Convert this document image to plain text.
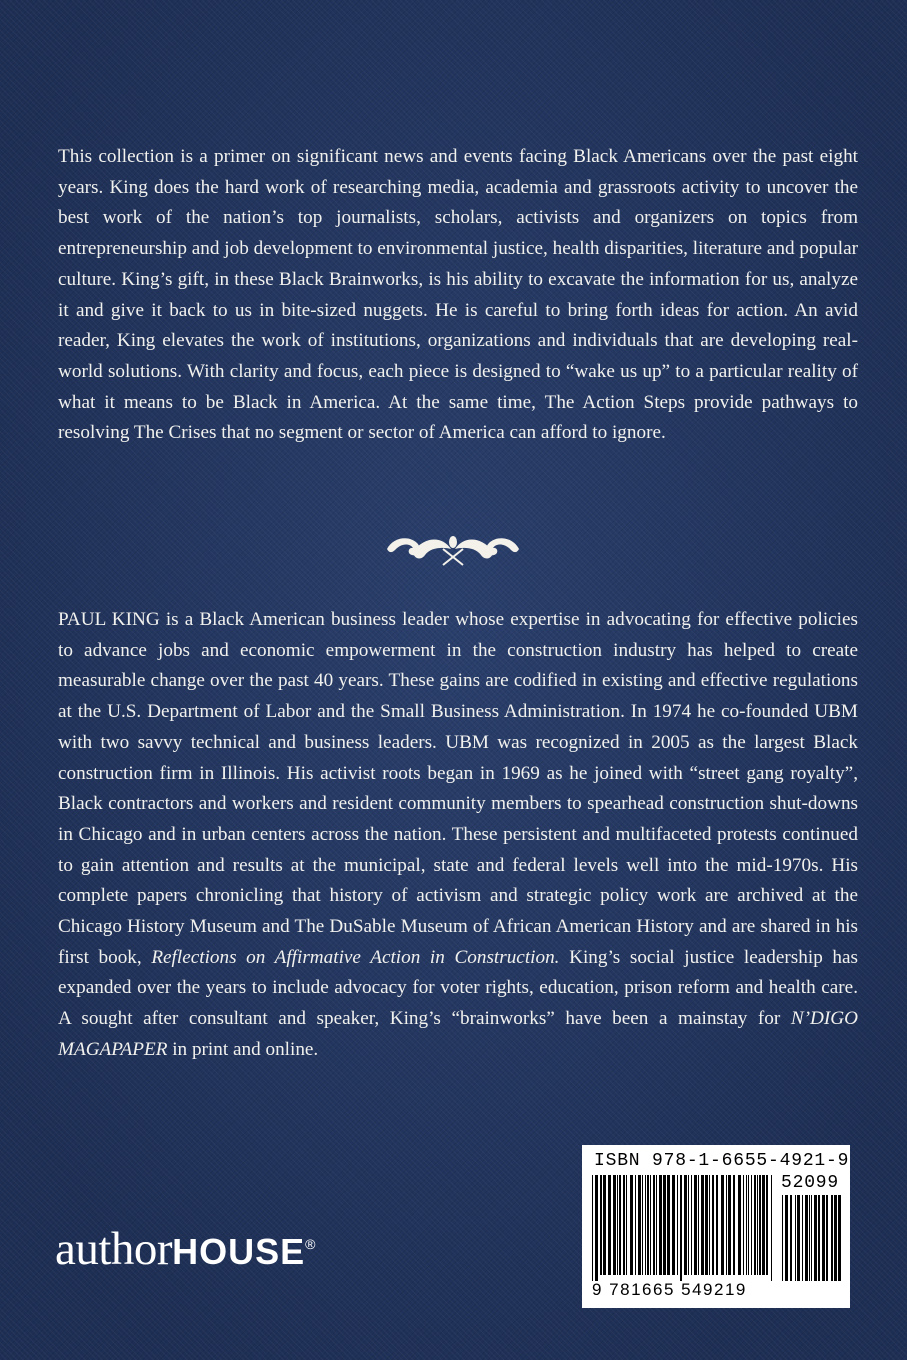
This collection is a primer on significant news and events facing Black Americans over the past eight years. King does the hard work of researching media, academia and grassroots activity to uncover the best work of the nation’s top journalists, scholars, activists and organizers on topics from entrepreneurship and job development to environmental justice, health disparities, literature and popular culture. King’s gift, in these Black Brainworks, is his ability to excavate the information for us, analyze it and give it back to us in bite-sized nuggets. He is careful to bring forth ideas for action. An avid reader, King elevates the work of institutions, organizations and individuals that are developing real-world solutions. With clarity and focus, each piece is designed to “wake us up” to a particular reality of what it means to be Black in America. At the same time, The Action Steps provide pathways to resolving The Crises that no segment or sector of America can afford to ignore.

PAUL KING is a Black American business leader whose expertise in advocating for effective policies to advance jobs and economic empowerment in the construction industry has helped to create measurable change over the past 40 years. These gains are codified in existing and effective regulations at the U.S. Department of Labor and the Small Business Administration. In 1974 he co-founded UBM with two savvy technical and business leaders. UBM was recognized in 2005 as the largest Black construction firm in Illinois. His activist roots began in 1969 as he joined with “street gang royalty”, Black contractors and workers and resident community members to spearhead construction shut-downs in Chicago and in urban centers across the nation. These persistent and multifaceted protests continued to gain attention and results at the municipal, state and federal levels well into the mid-1970s. His complete papers chronicling that history of activism and strategic policy work are archived at the Chicago History Museum and The DuSable Museum of African American History and are shared in his first book, Reflections on Affirmative Action in Construction. King’s social justice leadership has expanded over the years to include advocacy for voter rights, education, prison reform and health care. A sought after consultant and speaker, King’s “brainworks” have been a mainstay for N’DIGO MAGAPAPER in print and online.

authorHOUSE®
ISBN 978-1-6655-4921-9
52099
9 781665 549219
